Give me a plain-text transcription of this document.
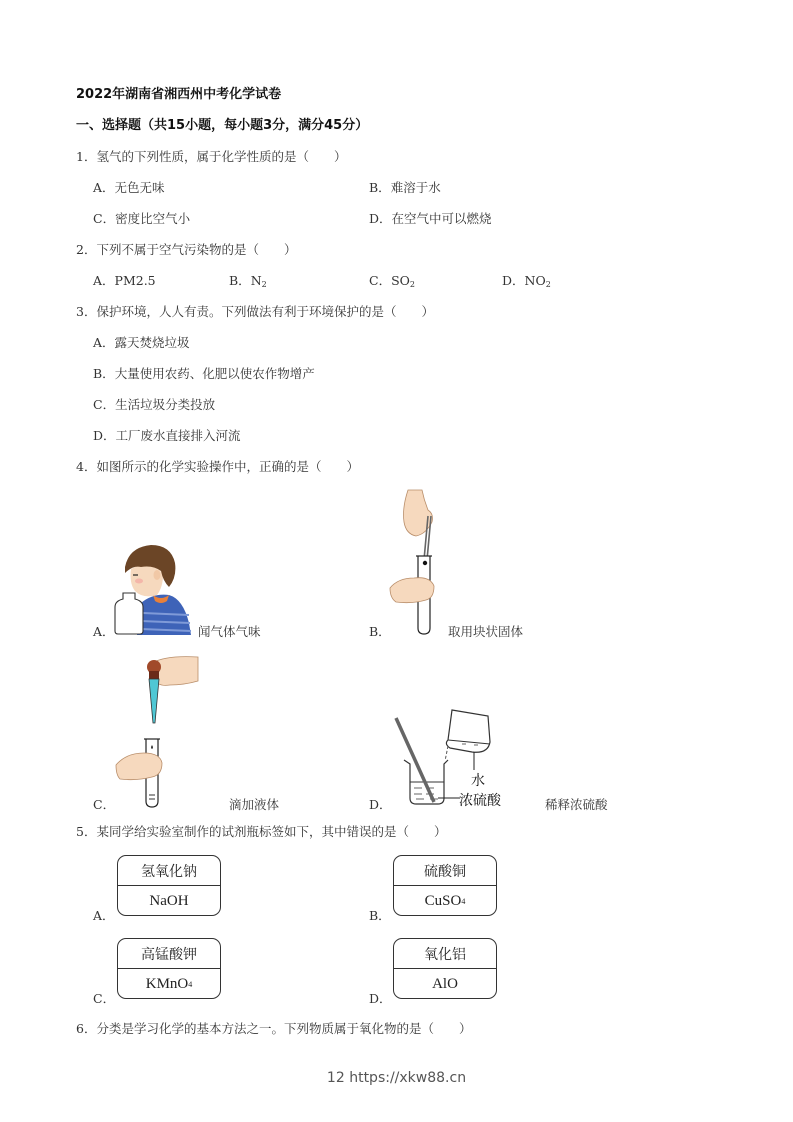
2022年湖南省湘西州中考化学试卷
一、选择题（共15小题，每小题3分，满分45分）
1．氢气的下列性质，属于化学性质的是（　　）
A．无色无味	B．难溶于水
C．密度比空气小	D．在空气中可以燃烧
2．下列不属于空气污染物的是（　　）
A．PM2.5	B．$N_2$	C．$SO_2$	D．$NO_2$
3．保护环境，人人有责。下列做法有利于环境保护的是（　　）
A．露天焚烧垃圾
B．大量使用农药、化肥以使农作物增产
C．生活垃圾分类投放
D．工厂废水直接排入河流
4．如图所示的化学实验操作中，正确的是（　　）
A．	闻气体气味	B．	取用块状固体
C．	滴加液体	D．
水
浓硫酸	稀释浓硫酸
5．某同学给实验室制作的试剂瓶标签如下，其中错误的是（　　）
A．
氢氧化钠
NaOH
B．
硫酸铜
CuSO 4
C．
高锰酸钾
KMnO 4
D．
氧化铝
AlO
6．分类是学习化学的基本方法之一。下列物质属于氧化物的是（　　）
12 https://xkw88.cn
